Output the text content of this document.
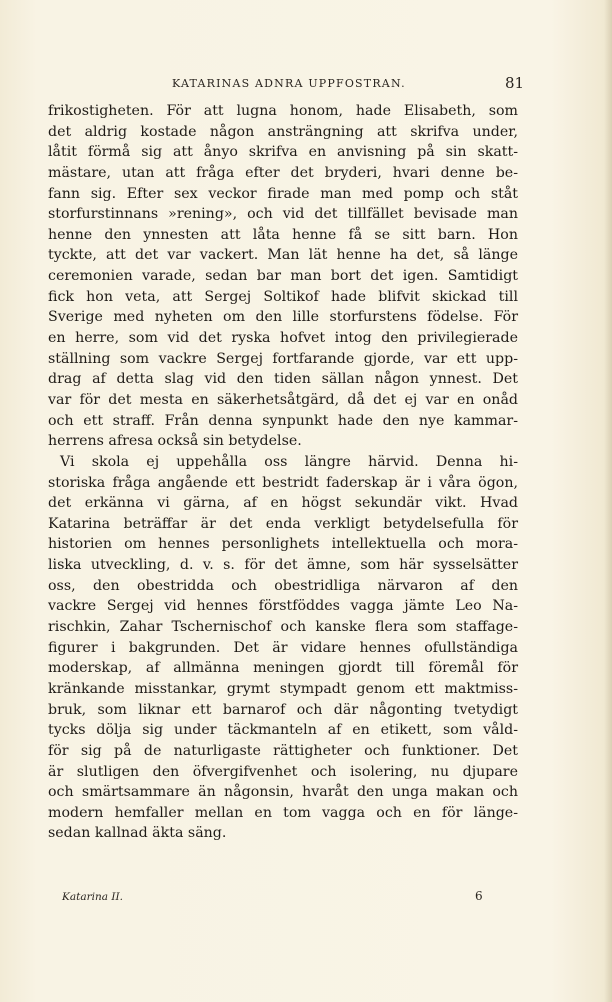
KATARINAS ADNRA UPPFOSTRAN.	81
frikostigheten. För att lugna honom, hade Elisabeth, som
det aldrig kostade någon ansträngning att skrifva under,
låtit förmå sig att ånyo skrifva en anvisning på sin skatt-
mästare, utan att fråga efter det bryderi, hvari denne be-
fann sig. Efter sex veckor firade man med pomp och ståt
storfurstinnans »rening», och vid det tillfället bevisade man
henne den ynnesten att låta henne få se sitt barn. Hon
tyckte, att det var vackert. Man lät henne ha det, så länge
ceremonien varade, sedan bar man bort det igen. Samtidigt
fick hon veta, att Sergej Soltikof hade blifvit skickad till
Sverige med nyheten om den lille storfurstens födelse. För
en herre, som vid det ryska hofvet intog den privilegierade
ställning som vackre Sergej fortfarande gjorde, var ett upp-
drag af detta slag vid den tiden sällan någon ynnest. Det
var för det mesta en säkerhetsåtgärd, då det ej var en onåd
och ett straff. Från denna synpunkt hade den nye kammar-
herrens afresa också sin betydelse.
Vi skola ej uppehålla oss längre härvid. Denna hi-
storiska fråga angående ett bestridt faderskap är i våra ögon,
det erkänna vi gärna, af en högst sekundär vikt. Hvad
Katarina beträffar är det enda verkligt betydelsefulla för
historien om hennes personlighets intellektuella och mora-
liska utveckling, d. v. s. för det ämne, som här sysselsätter
oss, den obestridda och obestridliga närvaron af den
vackre Sergej vid hennes förstföddes vagga jämte Leo Na-
rischkin, Zahar Tschernischof och kanske flera som staffage-
figurer i bakgrunden. Det är vidare hennes ofullständiga
moderskap, af allmänna meningen gjordt till föremål för
kränkande misstankar, grymt stympadt genom ett maktmiss-
bruk, som liknar ett barnarof och där någonting tvetydigt
tycks dölja sig under täckmanteln af en etikett, som våld-
för sig på de naturligaste rättigheter och funktioner. Det
är slutligen den öfvergifvenhet och isolering, nu djupare
och smärtsammare än någonsin, hvaråt den unga makan och
modern hemfaller mellan en tom vagga och en för länge-
sedan kallnad äkta säng.
Katarina II.	6
